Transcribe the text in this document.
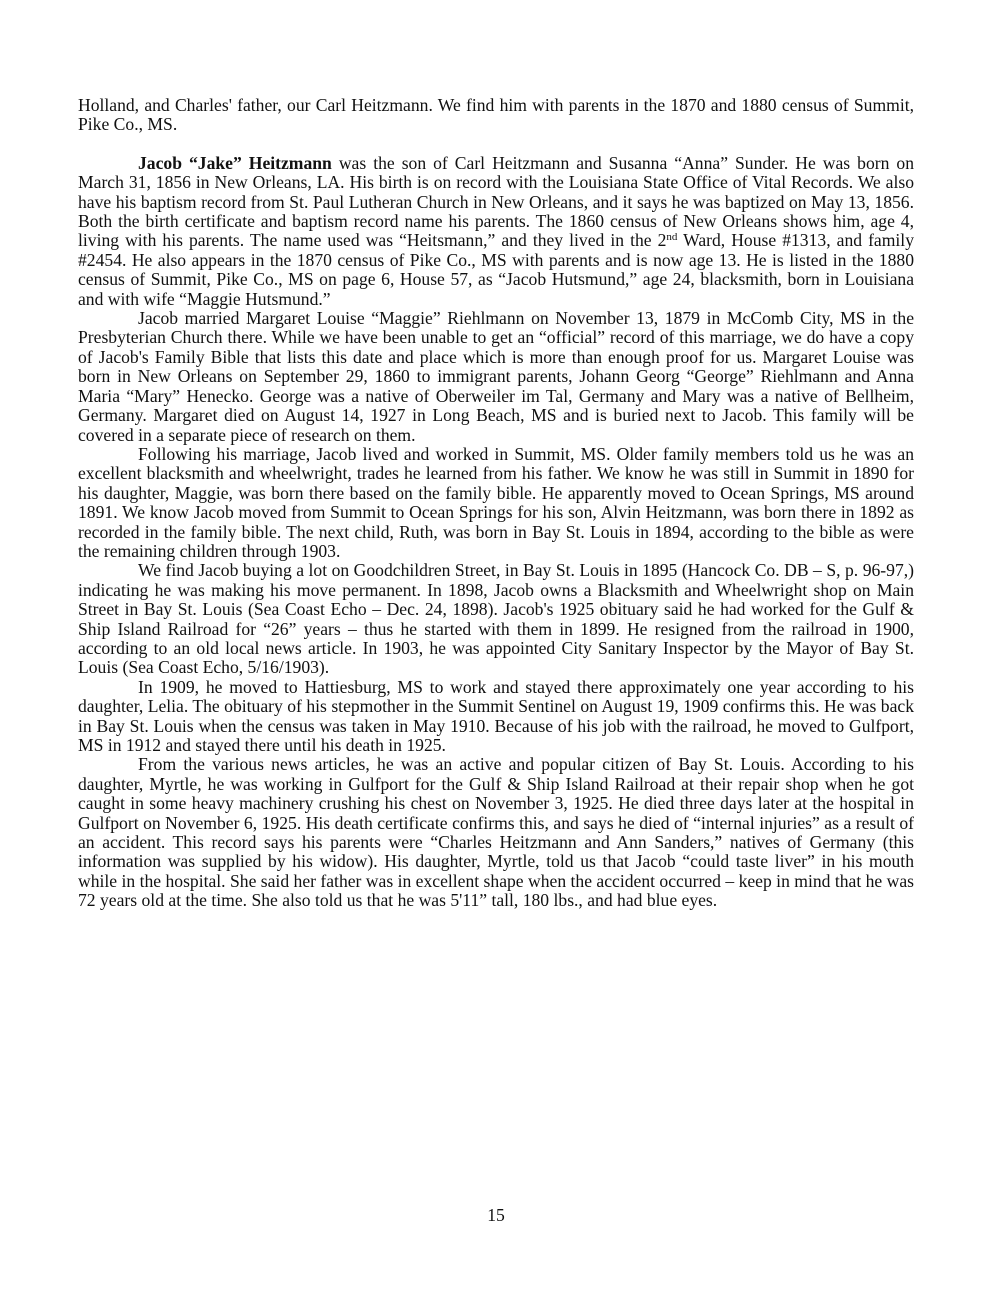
Holland, and Charles' father, our Carl Heitzmann. We find him with parents in the 1870 and 1880 census of Summit, Pike Co., MS.

Jacob “Jake” Heitzmann was the son of Carl Heitzmann and Susanna “Anna” Sunder. He was born on March 31, 1856 in New Orleans, LA. His birth is on record with the Louisiana State Office of Vital Records. We also have his baptism record from St. Paul Lutheran Church in New Orleans, and it says he was baptized on May 13, 1856. Both the birth certificate and baptism record name his parents. The 1860 census of New Orleans shows him, age 4, living with his parents. The name used was “Heitsmann,” and they lived in the 2nd Ward, House #1313, and family #2454. He also appears in the 1870 census of Pike Co., MS with parents and is now age 13. He is listed in the 1880 census of Summit, Pike Co., MS on page 6, House 57, as “Jacob Hutsmund,” age 24, blacksmith, born in Louisiana and with wife “Maggie Hutsmund.”

Jacob married Margaret Louise “Maggie” Riehlmann on November 13, 1879 in McComb City, MS in the Presbyterian Church there. While we have been unable to get an “official” record of this marriage, we do have a copy of Jacob's Family Bible that lists this date and place which is more than enough proof for us. Margaret Louise was born in New Orleans on September 29, 1860 to immigrant parents, Johann Georg “George” Riehlmann and Anna Maria “Mary” Henecko. George was a native of Oberweiler im Tal, Germany and Mary was a native of Bellheim, Germany. Margaret died on August 14, 1927 in Long Beach, MS and is buried next to Jacob. This family will be covered in a separate piece of research on them.

Following his marriage, Jacob lived and worked in Summit, MS. Older family members told us he was an excellent blacksmith and wheelwright, trades he learned from his father. We know he was still in Summit in 1890 for his daughter, Maggie, was born there based on the family bible. He apparently moved to Ocean Springs, MS around 1891. We know Jacob moved from Summit to Ocean Springs for his son, Alvin Heitzmann, was born there in 1892 as recorded in the family bible. The next child, Ruth, was born in Bay St. Louis in 1894, according to the bible as were the remaining children through 1903.

We find Jacob buying a lot on Goodchildren Street, in Bay St. Louis in 1895 (Hancock Co. DB – S, p. 96-97,) indicating he was making his move permanent. In 1898, Jacob owns a Blacksmith and Wheelwright shop on Main Street in Bay St. Louis (Sea Coast Echo – Dec. 24, 1898). Jacob's 1925 obituary said he had worked for the Gulf & Ship Island Railroad for “26” years – thus he started with them in 1899. He resigned from the railroad in 1900, according to an old local news article. In 1903, he was appointed City Sanitary Inspector by the Mayor of Bay St. Louis (Sea Coast Echo, 5/16/1903).

In 1909, he moved to Hattiesburg, MS to work and stayed there approximately one year according to his daughter, Lelia. The obituary of his stepmother in the Summit Sentinel on August 19, 1909 confirms this. He was back in Bay St. Louis when the census was taken in May 1910. Because of his job with the railroad, he moved to Gulfport, MS in 1912 and stayed there until his death in 1925.

From the various news articles, he was an active and popular citizen of Bay St. Louis. According to his daughter, Myrtle, he was working in Gulfport for the Gulf & Ship Island Railroad at their repair shop when he got caught in some heavy machinery crushing his chest on November 3, 1925. He died three days later at the hospital in Gulfport on November 6, 1925. His death certificate confirms this, and says he died of “internal injuries” as a result of an accident. This record says his parents were “Charles Heitzmann and Ann Sanders,” natives of Germany (this information was supplied by his widow). His daughter, Myrtle, told us that Jacob “could taste liver” in his mouth while in the hospital. She said her father was in excellent shape when the accident occurred – keep in mind that he was 72 years old at the time. She also told us that he was 5'11” tall, 180 lbs., and had blue eyes.

15
